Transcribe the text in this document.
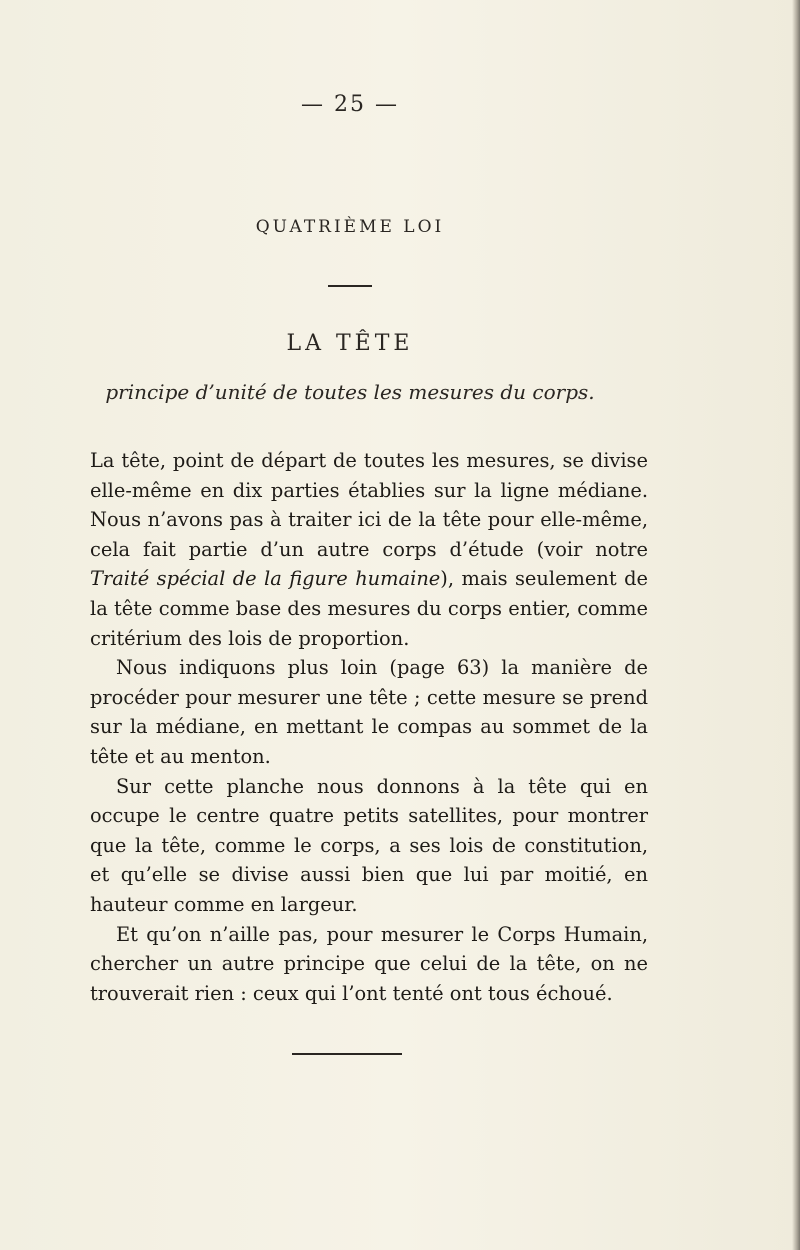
— 25 —
QUATRIÈME LOI
LA TÊTE
principe d’unité de toutes les mesures du corps.

La tête, point de départ de toutes les mesures, se divise elle-même en dix parties établies sur la ligne médiane. Nous n’avons pas à traiter ici de la tête pour elle-même, cela fait partie d’un autre corps d’étude (voir notre Traité spécial de la figure humaine), mais seulement de la tête comme base des mesures du corps entier, comme critérium des lois de proportion.

Nous indiquons plus loin (page 63) la manière de procéder pour mesurer une tête ; cette mesure se prend sur la médiane, en mettant le compas au sommet de la tête et au menton.

Sur cette planche nous donnons à la tête qui en occupe le centre quatre petits satellites, pour montrer que la tête, comme le corps, a ses lois de constitution, et qu’elle se divise aussi bien que lui par moitié, en hauteur comme en largeur.

Et qu’on n’aille pas, pour mesurer le Corps Humain, chercher un autre principe que celui de la tête, on ne trouverait rien : ceux qui l’ont tenté ont tous échoué.
